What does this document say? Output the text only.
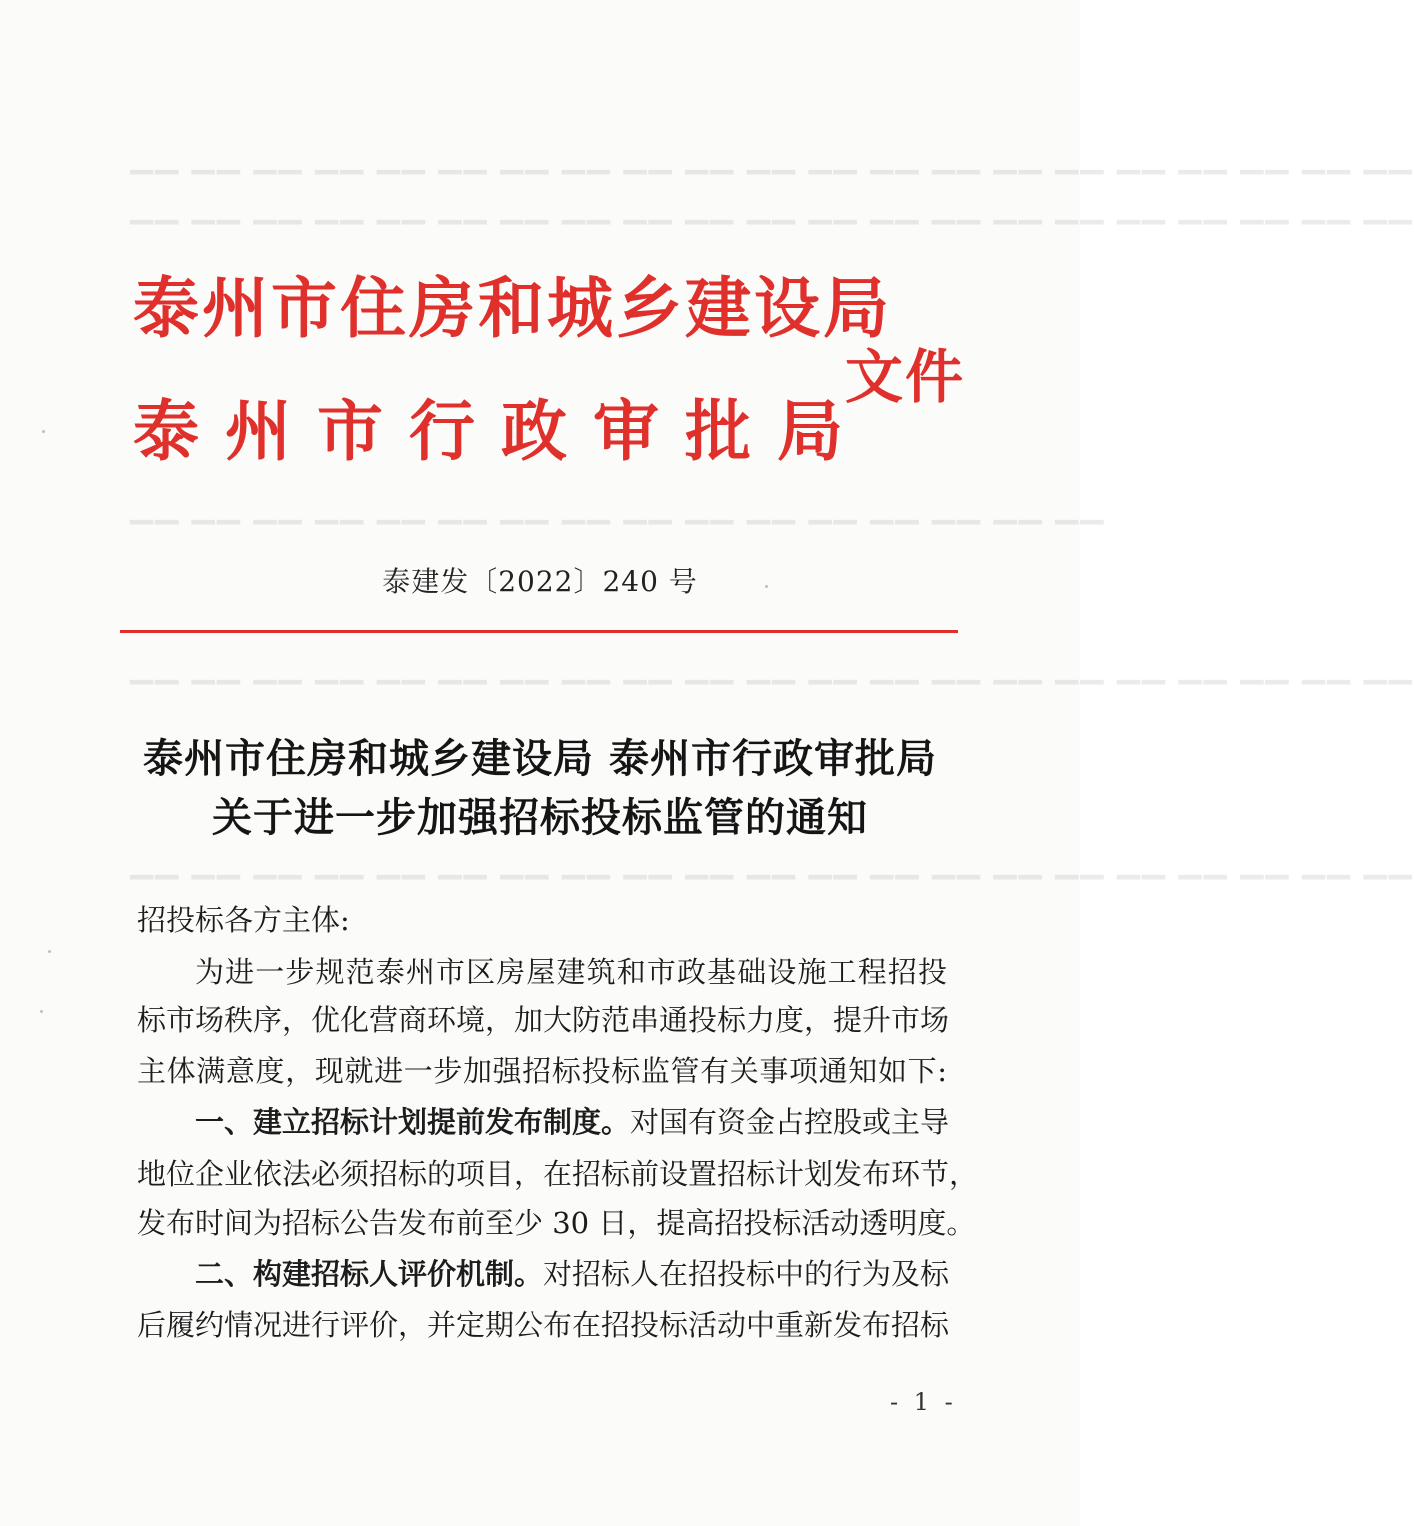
▁▁ ▁▁ ▁▁ ▁▁ ▁▁ ▁▁ ▁▁ ▁▁ ▁▁ ▁▁ ▁▁ ▁▁ ▁▁ ▁▁ ▁▁ ▁▁ ▁▁ ▁▁ ▁▁ ▁▁ ▁▁
▁▁ ▁▁ ▁▁ ▁▁ ▁▁ ▁▁ ▁▁ ▁▁ ▁▁ ▁▁ ▁▁ ▁▁ ▁▁ ▁▁ ▁▁ ▁▁ ▁▁ ▁▁ ▁▁ ▁▁ ▁▁
▁▁ ▁▁ ▁▁ ▁▁ ▁▁ ▁▁ ▁▁ ▁▁ ▁▁ ▁▁ ▁▁ ▁▁ ▁▁ ▁▁ ▁▁ ▁▁
▁▁ ▁▁ ▁▁ ▁▁ ▁▁ ▁▁ ▁▁ ▁▁ ▁▁ ▁▁ ▁▁ ▁▁ ▁▁ ▁▁ ▁▁ ▁▁ ▁▁ ▁▁ ▁▁ ▁▁ ▁▁
▁▁ ▁▁ ▁▁ ▁▁ ▁▁ ▁▁ ▁▁ ▁▁ ▁▁ ▁▁ ▁▁ ▁▁ ▁▁ ▁▁ ▁▁ ▁▁ ▁▁ ▁▁ ▁▁ ▁▁ ▁▁
泰州市住房和城乡建设局
泰州市行政审批局
文件
泰建发〔2022〕240 号
泰州市住房和城乡建设局 泰州市行政审批局
关于进一步加强招标投标监管的通知
招投标各方主体:
为进一步规范泰州市区房屋建筑和市政基础设施工程招投
标市场秩序，优化营商环境，加大防范串通投标力度，提升市场
主体满意度，现就进一步加强招标投标监管有关事项通知如下:
一、建立招标计划提前发布制度。对国有资金占控股或主导
地位企业依法必须招标的项目，在招标前设置招标计划发布环节，
发布时间为招标公告发布前至少 30 日，提高招投标活动透明度。
二、构建招标人评价机制。对招标人在招投标中的行为及标
后履约情况进行评价，并定期公布在招投标活动中重新发布招标
- 1 -
